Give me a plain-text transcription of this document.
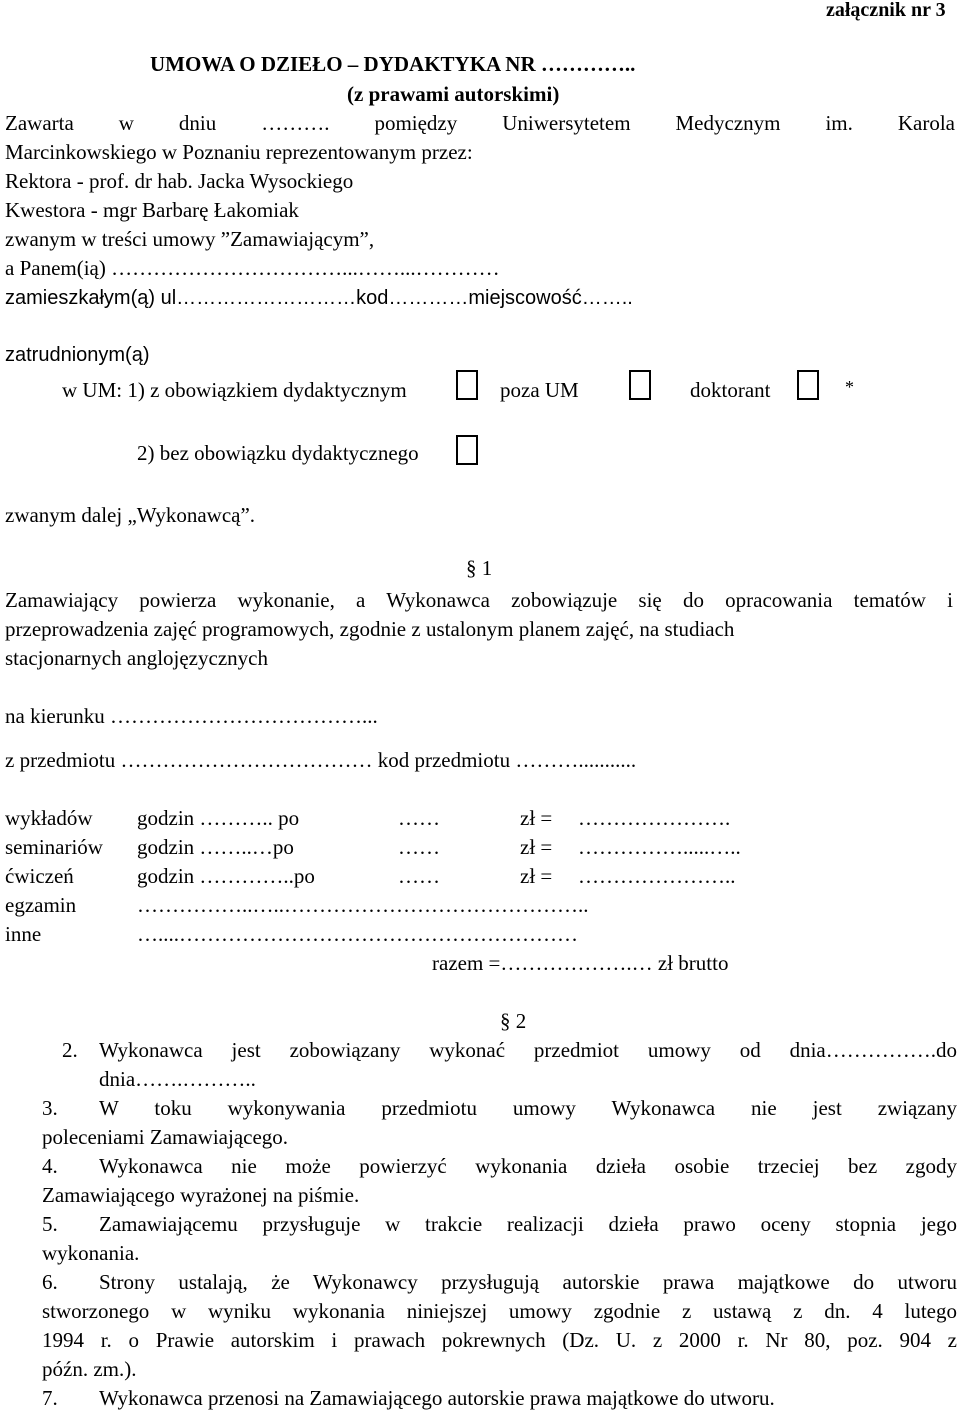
załącznik nr 3
UMOWA O DZIEŁO – DYDAKTYKA NR …………..
(z prawami autorskimi)
Zawarta w dniu ………. pomiędzy Uniwersytetem Medycznym im. Karola
Marcinkowskiego w Poznaniu reprezentowanym przez:
Rektora - prof. dr hab. Jacka Wysockiego
Kwestora - mgr Barbarę Łakomiak
zwanym w treści umowy ”Zamawiającym”,
a Panem(ią) ……………………………...……...…………
zamieszkałym(ą) ul………………………kod…………miejscowość……..
zatrudnionym(ą)
w UM: 1) z obowiązkiem dydaktycznym	poza UM	doktorant	*
2) bez obowiązku dydaktycznego
zwanym dalej „Wykonawcą”.
§ 1
Zamawiający powierza wykonanie, a Wykonawca zobowiązuje się do opracowania tematów i
przeprowadzenia zajęć programowych, zgodnie z ustalonym planem zajęć, na studiach
stacjonarnych anglojęzycznych
na kierunku ………………………………...
z przedmiotu ……………………………… kod przedmiotu ………...........
wykładów godzin ……….. po	……	zł = ………………….
seminariów godzin ……..…po	……	zł = …………….....…..
ćwiczeń	godzin …………..po	……	zł = …………………..
egzamin	……………..…..……………………………………..
inne	…....…………………………………………………
razem =……………….… zł brutto
§ 2
2. Wykonawca jest zobowiązany wykonać przedmiot umowy od dnia…………….do
dnia…….………..
3. W toku wykonywania przedmiotu umowy Wykonawca nie jest związany
poleceniami Zamawiającego.
4. Wykonawca nie może powierzyć wykonania dzieła osobie trzeciej bez zgody
Zamawiającego wyrażonej na piśmie.
5. Zamawiającemu przysługuje w trakcie realizacji dzieła prawo oceny stopnia jego
wykonania.
6. Strony ustalają, że Wykonawcy przysługują autorskie prawa majątkowe do utworu
stworzonego w wyniku wykonania niniejszej umowy zgodnie z ustawą z dn. 4 lutego
1994 r. o Prawie autorskim i prawach pokrewnych (Dz. U. z 2000 r. Nr 80, poz. 904 z
późn. zm.).
7. Wykonawca przenosi na Zamawiającego autorskie prawa majątkowe do utworu.
